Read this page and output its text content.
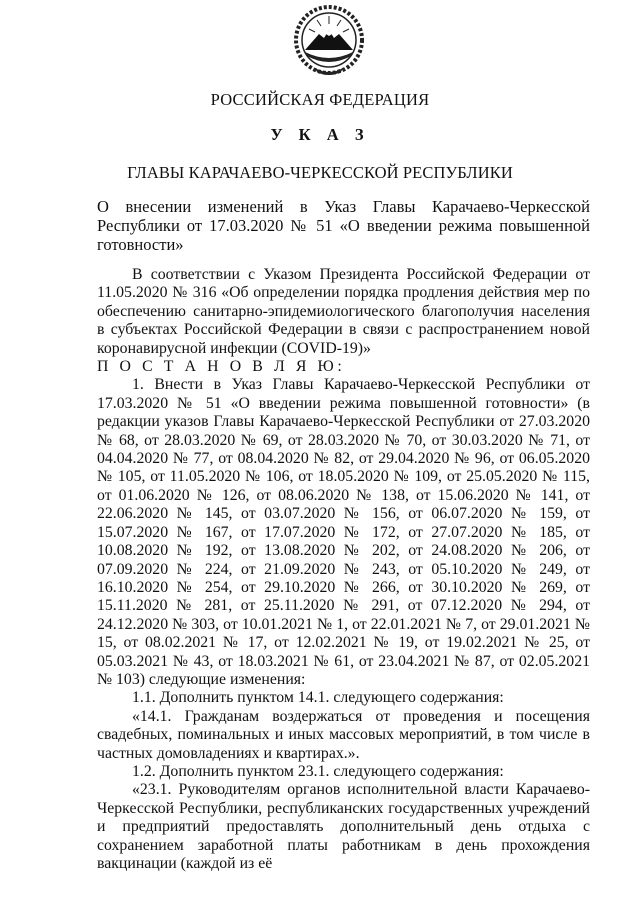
РОССИЙСКАЯ ФЕДЕРАЦИЯ
У К А З
ГЛАВЫ КАРАЧАЕВО-ЧЕРКЕССКОЙ РЕСПУБЛИКИ
О внесении изменений в Указ Главы Карачаево-Черкесской Республики от 17.03.2020 № 51 «О введении режима повышенной готовности»

В соответствии с Указом Президента Российской Федерации от 11.05.2020 № 316 «Об определении порядка продления действия мер по обеспечению санитарно-эпидемиологического благополучия населения в субъектах Российской Федерации в связи с распространением новой коронавирусной инфекции (COVID-19)»

П О С Т А Н О В Л Я Ю:

1. Внести в Указ Главы Карачаево-Черкесской Республики от 17.03.2020 № 51 «О введении режима повышенной готовности» (в редакции указов Главы Карачаево-Черкесской Республики от 27.03.2020 № 68, от 28.03.2020 № 69, от 28.03.2020 № 70, от 30.03.2020 № 71, от 04.04.2020 № 77, от 08.04.2020 № 82, от 29.04.2020 № 96, от 06.05.2020 № 105, от 11.05.2020 № 106, от 18.05.2020 № 109, от 25.05.2020 № 115, от 01.06.2020 № 126, от 08.06.2020 № 138, от 15.06.2020 № 141, от 22.06.2020 № 145, от 03.07.2020 № 156, от 06.07.2020 № 159, от 15.07.2020 № 167, от 17.07.2020 № 172, от 27.07.2020 № 185, от 10.08.2020 № 192, от 13.08.2020 № 202, от 24.08.2020 № 206, от 07.09.2020 № 224, от 21.09.2020 № 243, от 05.10.2020 № 249, от 16.10.2020 № 254, от 29.10.2020 № 266, от 30.10.2020 № 269, от 15.11.2020 № 281, от 25.11.2020 № 291, от 07.12.2020 № 294, от 24.12.2020 № 303, от 10.01.2021 № 1, от 22.01.2021 № 7, от 29.01.2021 № 15, от 08.02.2021 № 17, от 12.02.2021 № 19, от 19.02.2021 № 25, от 05.03.2021 № 43, от 18.03.2021 № 61, от 23.04.2021 № 87, от 02.05.2021 № 103) следующие изменения:

1.1. Дополнить пунктом 14.1. следующего содержания:

«14.1. Гражданам воздержаться от проведения и посещения свадебных, поминальных и иных массовых мероприятий, в том числе в частных домовладениях и квартирах.».

1.2. Дополнить пунктом 23.1. следующего содержания:

«23.1. Руководителям органов исполнительной власти Карачаево-Черкесской Республики, республиканских государственных учреждений и предприятий предоставлять дополнительный день отдыха с сохранением заработной платы работникам в день прохождения вакцинации (каждой из её
